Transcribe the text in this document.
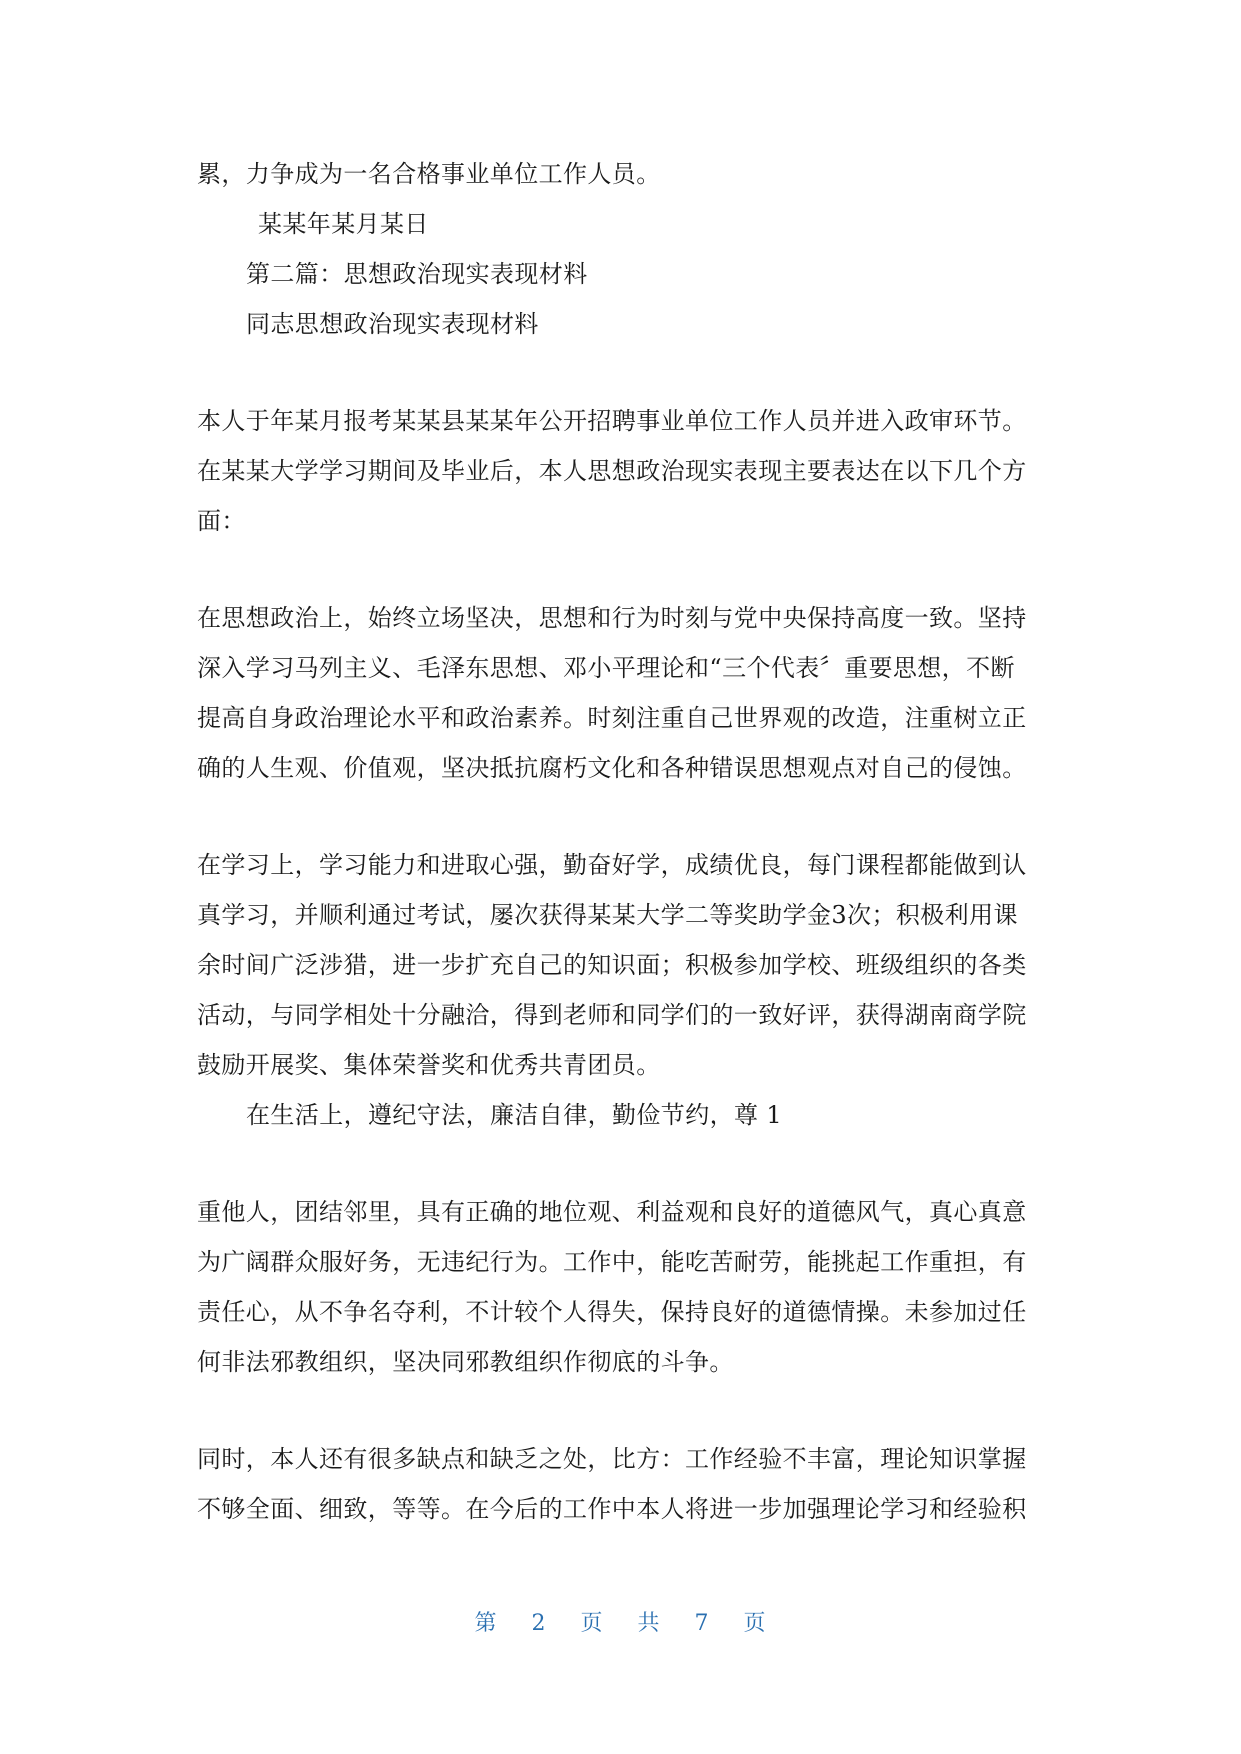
累，力争成为一名合格事业单位工作人员。
某某年某月某日
第二篇：思想政治现实表现材料
同志思想政治现实表现材料
本人于年某月报考某某县某某年公开招聘事业单位工作人员并进入政审环节。
在某某大学学习期间及毕业后，本人思想政治现实表现主要表达在以下几个方
面：
在思想政治上，始终立场坚决，思想和行为时刻与党中央保持高度一致。坚持
深入学习马列主义、毛泽东思想、邓小平理论和“三个代表〞重要思想，不断
提高自身政治理论水平和政治素养。时刻注重自己世界观的改造，注重树立正
确的人生观、价值观，坚决抵抗腐朽文化和各种错误思想观点对自己的侵蚀。
在学习上，学习能力和进取心强，勤奋好学，成绩优良，每门课程都能做到认
真学习，并顺利通过考试，屡次获得某某大学二等奖助学金3次；积极利用课
余时间广泛涉猎，进一步扩充自己的知识面；积极参加学校、班级组织的各类
活动，与同学相处十分融洽，得到老师和同学们的一致好评，获得湖南商学院
鼓励开展奖、集体荣誉奖和优秀共青团员。
在生活上，遵纪守法，廉洁自律，勤俭节约，尊 1
重他人，团结邻里，具有正确的地位观、利益观和良好的道德风气，真心真意
为广阔群众服好务，无违纪行为。工作中，能吃苦耐劳，能挑起工作重担，有
责任心，从不争名夺利，不计较个人得失，保持良好的道德情操。未参加过任
何非法邪教组织，坚决同邪教组织作彻底的斗争。
同时，本人还有很多缺点和缺乏之处，比方：工作经验不丰富，理论知识掌握
不够全面、细致，等等。在今后的工作中本人将进一步加强理论学习和经验积
第 2 页 共 7 页
